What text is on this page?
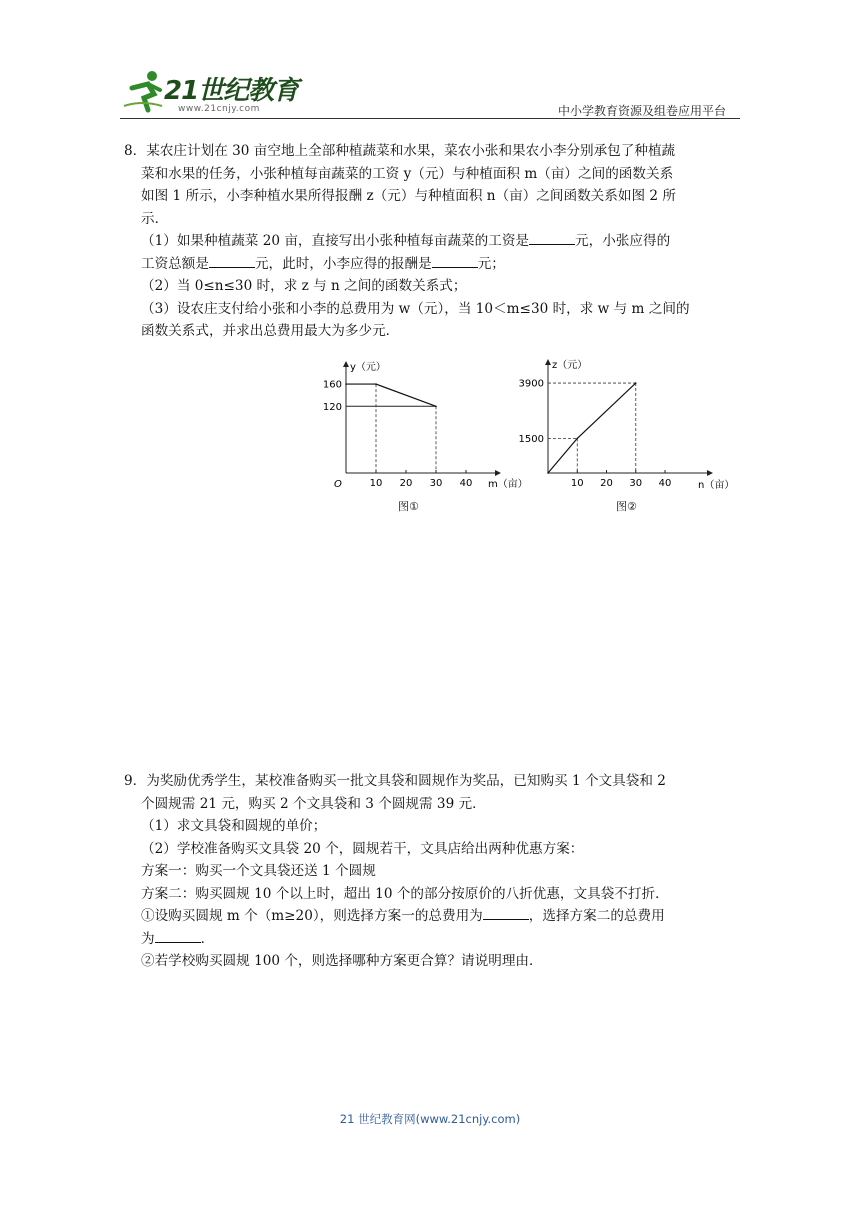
21世纪教育
www.21cnjy.com	中小学教育资源及组卷应用平台

8．某农庄计划在 30 亩空地上全部种植蔬菜和水果，菜农小张和果农小李分别承包了种植蔬

菜和水果的任务，小张种植每亩蔬菜的工资 y（元）与种植面积 m（亩）之间的函数关系

如图 1 所示，小李种植水果所得报酬 z（元）与种植面积 n（亩）之间函数关系如图 2 所

示．

（1）如果种植蔬菜 20 亩，直接写出小张种植每亩蔬菜的工资是	元，小张应得的

工资总额是	元，此时，小李应得的报酬是	元；

（2）当 0≤n≤30 时，求 z 与 n 之间的函数关系式；

（3）设农庄支付给小张和小李的总费用为 w（元），当 10＜m≤30 时，求 w 与 m 之间的

函数关系式，并求出总费用最大为多少元．

10 20 30 40
160
120
y（元）
m（亩）
O
图①
10 20 30 40
3900
1500
z（元）
n（亩）
图②

9．为奖励优秀学生，某校准备购买一批文具袋和圆规作为奖品，已知购买 1 个文具袋和 2

个圆规需 21 元，购买 2 个文具袋和 3 个圆规需 39 元．

（1）求文具袋和圆规的单价；

（2）学校准备购买文具袋 20 个，圆规若干，文具店给出两种优惠方案：

方案一：购买一个文具袋还送 1 个圆规

方案二：购买圆规 10 个以上时，超出 10 个的部分按原价的八折优惠，文具袋不打折．

①设购买圆规 m 个（m≥20），则选择方案一的总费用为	，选择方案二的总费用

为	．

②若学校购买圆规 100 个，则选择哪种方案更合算？请说明理由．

21 世纪教育网(www.21cnjy.com)
